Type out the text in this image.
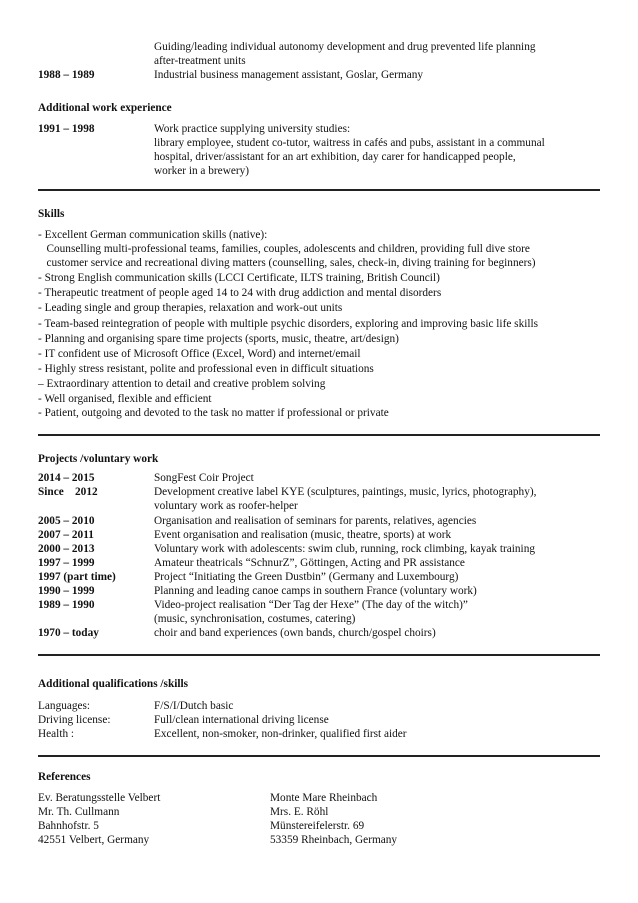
Guiding/leading individual autonomy development and drug prevented life planning
after-treatment units
1988 – 1989	Industrial business management assistant, Goslar, Germany
Additional work experience
1991 – 1998	Work practice supplying university studies:
library employee, student co-tutor, waitress in cafés and pubs, assistant in a communal
hospital, driver/assistant for an art exhibition, day carer for handicapped people,
worker in a brewery)
Skills
- Excellent German communication skills (native):
Counselling multi-professional teams, families, couples, adolescents and children, providing full dive store
customer service and recreational diving matters (counselling, sales, check-in, diving training for beginners)
- Strong English communication skills (LCCI Certificate, ILTS training, British Council)
- Therapeutic treatment of people aged 14 to 24 with drug addiction and mental disorders
- Leading single and group therapies, relaxation and work-out units
- Team-based reintegration of people with multiple psychic disorders, exploring and improving basic life skills
- Planning and organising spare time projects (sports, music, theatre, art/design)
- IT confident use of Microsoft Office (Excel, Word) and internet/email
- Highly stress resistant, polite and professional even in difficult situations
– Extraordinary attention to detail and creative problem solving
- Well organised, flexible and efficient
- Patient, outgoing and devoted to the task no matter if professional or private
Projects /voluntary work
2014 – 2015	SongFest Coir Project
Since    2012	Development creative label KYE (sculptures, paintings, music, lyrics, photography),
voluntary work as roofer-helper
2005 – 2010	Organisation and realisation of seminars for parents, relatives, agencies
2007 – 2011	Event organisation and realisation (music, theatre, sports) at work
2000 – 2013	Voluntary work with adolescents: swim club, running, rock climbing, kayak training
1997 – 1999	Amateur theatricals “SchnurZ”, Göttingen, Acting and PR assistance
1997 (part time)	Project “Initiating the Green Dustbin” (Germany and Luxembourg)
1990 – 1999	Planning and leading canoe camps in southern France (voluntary work)
1989 – 1990	Video-project realisation “Der Tag der Hexe” (The day of the witch)”
(music, synchronisation, costumes, catering)
1970 – today	choir and band experiences (own bands, church/gospel choirs)
Additional qualifications /skills
Languages:	F/S/I/Dutch basic
Driving license:	Full/clean international driving license
Health :	Excellent, non-smoker, non-drinker, qualified first aider
References
Ev. Beratungsstelle Velbert
Mr. Th. Cullmann
Bahnhofstr. 5
42551 Velbert, Germany
Monte Mare Rheinbach
Mrs. E. Röhl
Münstereifelerstr. 69
53359 Rheinbach, Germany
